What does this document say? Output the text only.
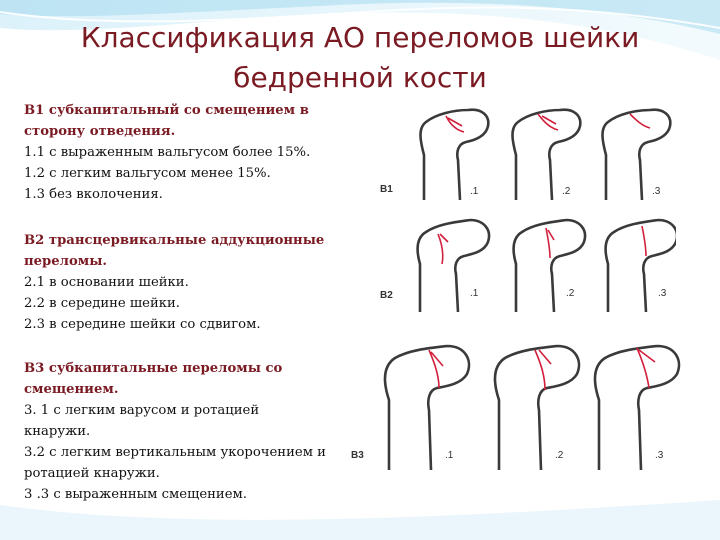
Классификация АО переломов шейки
бедренной кости
B1 субкапитальный со смещением в сторону отведения.
1.1 с выраженным вальгусом более 15%.
1.2 с легким вальгусом менее 15%.
1.3 без вколочения.
B2 трансцервикальные аддукционные переломы.
2.1 в основании шейки.
2.2 в середине шейки.
2.3 в середине шейки со сдвигом.
B3 субкапитальные переломы со смещением.
3. 1 с легким варусом и ротацией кнаружи.
3.2 с легким вертикальным укорочением и ротацией кнаружи.
3 .3 с выраженным смещением.
B1	.1	.2	.3
B2	.1	.2	.3
B3	.1	.2	.3
